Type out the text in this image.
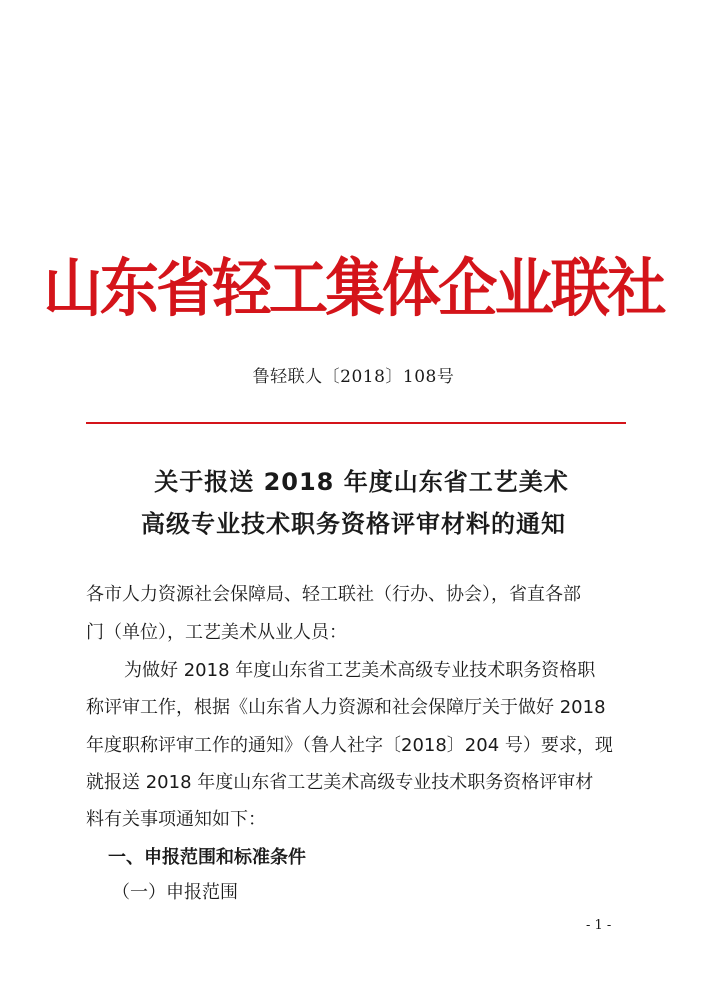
山东省轻工集体企业联社
鲁轻联人〔2018〕108号
关于报送 2018 年度山东省工艺美术
高级专业技术职务资格评审材料的通知
各市人力资源社会保障局、轻工联社（行办、协会），省直各部
门（单位），工艺美术从业人员：
为做好 2018 年度山东省工艺美术高级专业技术职务资格职
称评审工作，根据《山东省人力资源和社会保障厅关于做好 2018
年度职称评审工作的通知》（鲁人社字〔2018〕204 号）要求，现
就报送 2018 年度山东省工艺美术高级专业技术职务资格评审材
料有关事项通知如下：
一、申报范围和标准条件
（一）申报范围
- 1 -
